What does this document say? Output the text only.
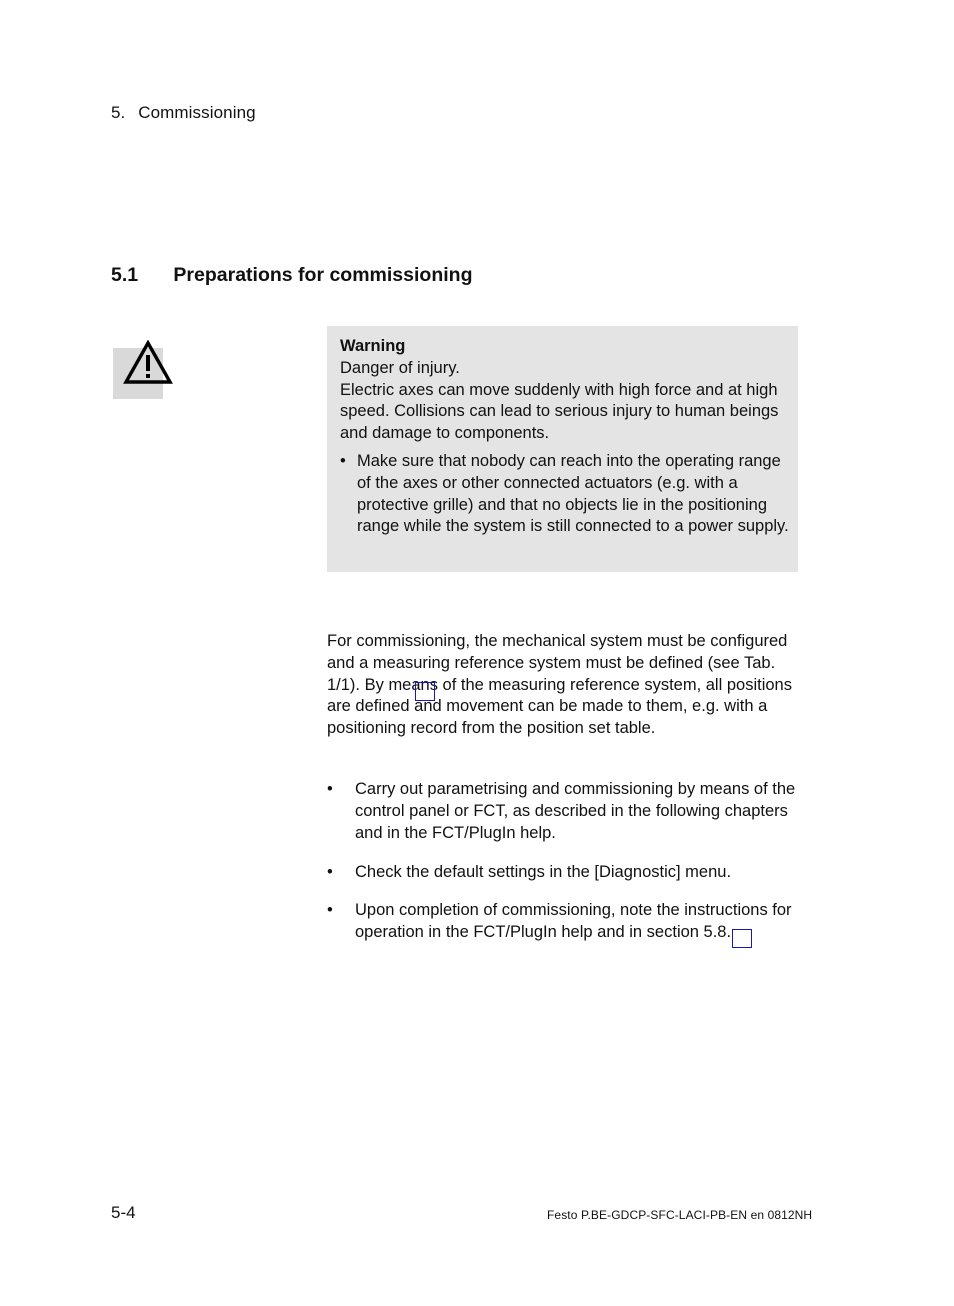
5. Commissioning
5.1 Preparations for commissioning
Warning
Danger of injury.
Electric axes can move suddenly with high force and at high speed. Collisions can lead to serious injury to human beings and damage to components.
• Make sure that nobody can reach into the operating range of the axes or other connected actuators (e.g. with a protective grille) and that no objects lie in the positioning range while the system is still connected to a power supply.
For commissioning, the mechanical system must be configured and a measuring reference system must be defined (see Tab. 1/1). By means of the measuring reference system, all positions are defined and movement can be made to them, e.g. with a positioning record from the position set table.
• Carry out parametrising and commissioning by means of the control panel or FCT, as described in the following chapters and in the FCT/PlugIn help.
• Check the default settings in the [Diagnostic] menu.
• Upon completion of commissioning, note the instructions for operation in the FCT/PlugIn help and in section 5.8.
5-4	Festo P.BE-GDCP-SFC-LACI-PB-EN en 0812NH
